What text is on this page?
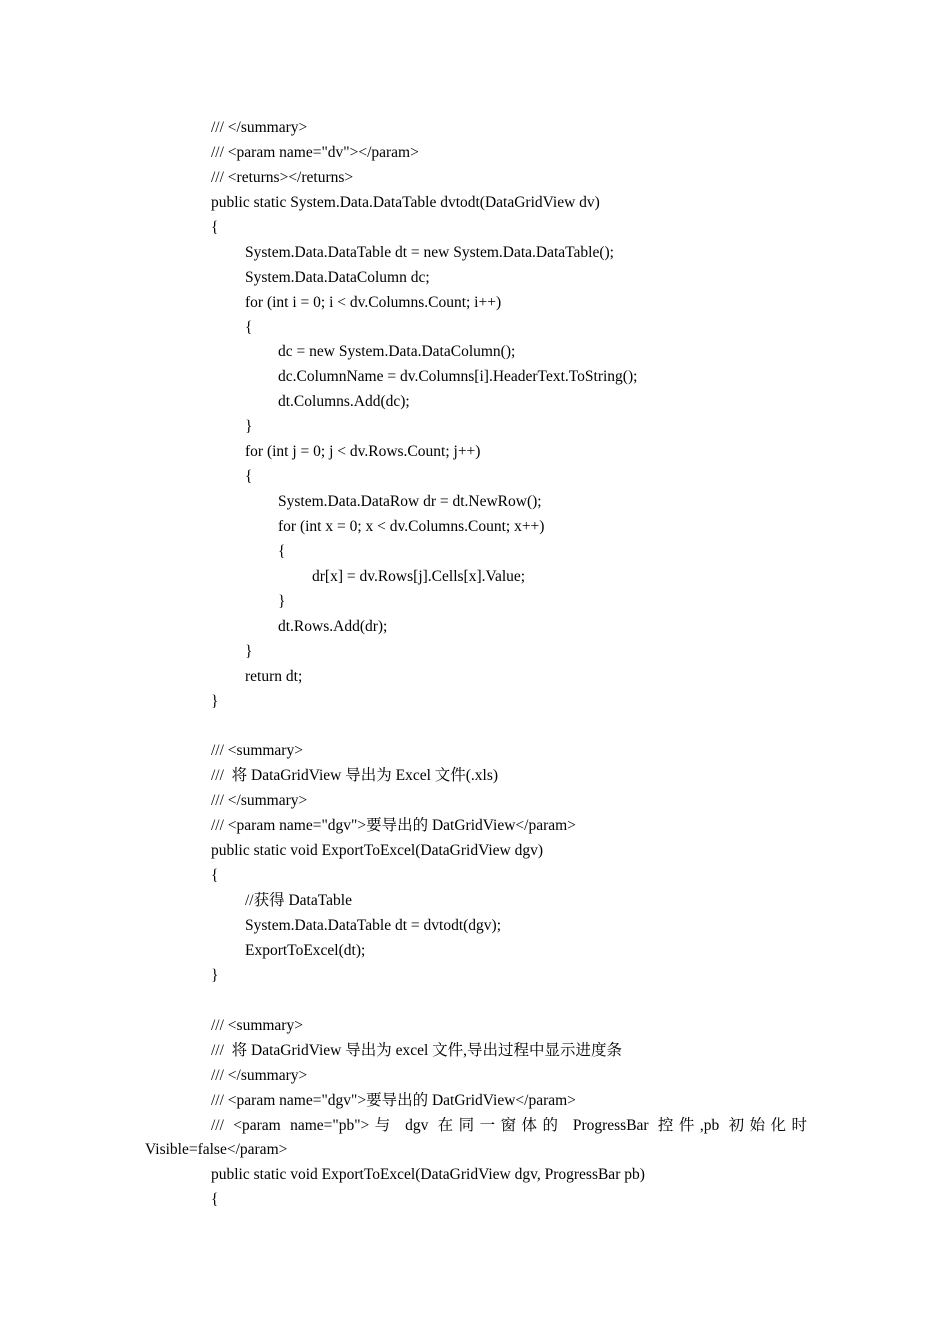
/// </summary>
/// <param name="dv"></param>
/// <returns></returns>
public static System.Data.DataTable dvtodt(DataGridView dv)
{
System.Data.DataTable dt = new System.Data.DataTable();
System.Data.DataColumn dc;
for (int i = 0; i < dv.Columns.Count; i++)
{
dc = new System.Data.DataColumn();
dc.ColumnName = dv.Columns[i].HeaderText.ToString();
dt.Columns.Add(dc);
}
for (int j = 0; j < dv.Rows.Count; j++)
{
System.Data.DataRow dr = dt.NewRow();
for (int x = 0; x < dv.Columns.Count; x++)
{
dr[x] = dv.Rows[j].Cells[x].Value;
}
dt.Rows.Add(dr);
}
return dt;
}

/// <summary>
///  将 DataGridView 导出为 Excel 文件(.xls)
/// </summary>
/// <param name="dgv">要导出的 DatGridView</param>
public static void ExportToExcel(DataGridView dgv)
{
//获得 DataTable
System.Data.DataTable dt = dvtodt(dgv);
ExportToExcel(dt);
}

/// <summary>
///  将 DataGridView 导出为 excel 文件,导出过程中显示进度条
/// </summary>
/// <param name="dgv">要导出的 DatGridView</param>
/// <param name="pb">与 dgv 在同一窗体的 ProgressBar 控件,pb 初始化时
Visible=false</param>
public static void ExportToExcel(DataGridView dgv, ProgressBar pb)
{
